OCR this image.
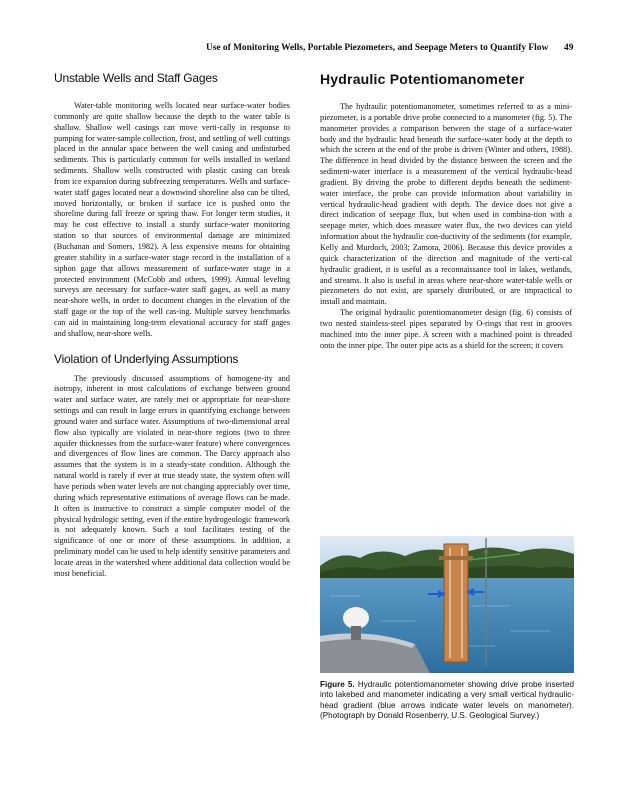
Use of Monitoring Wells, Portable Piezometers, and Seepage Meters to Quantify Flow 49
Unstable Wells and Staff Gages

Water-table monitoring wells located near surface-water bodies commonly are quite shallow because the depth to the water table is shallow. Shallow well casings can move verti-cally in response to pumping for water-sample collection, frost, and settling of well cuttings placed in the annular space between the well casing and undisturbed sediments. This is particularly common for wells installed in wetland sediments. Shallow wells constructed with plastic casing can break from ice expansion during subfreezing temperatures. Wells and surface-water staff gages located near a downwind shoreline also can be tilted, moved horizontally, or broken if surface ice is pushed onto the shoreline during fall freeze or spring thaw. For longer term studies, it may be cost effective to install a sturdy surface-water monitoring station so that sources of environmental damage are minimized (Buchanan and Somers, 1982). A less expensive means for obtaining greater stability in a surface-water stage record is the installation of a siphon gage that allows measurement of surface-water stage in a protected environment (McCobb and others, 1999). Annual leveling surveys are necessary for surface-water staff gages, as well as many near-shore wells, in order to document changes in the elevation of the staff gage or the top of the well cas-ing. Multiple survey benchmarks can aid in maintaining long-term elevational accuracy for staff gages and shallow, near-shore wells.

Violation of Underlying Assumptions

The previously discussed assumptions of homogene-ity and isotropy, inherent in most calculations of exchange between ground water and surface water, are rarely met or appropriate for near-shore settings and can result in large errors in quantifying exchange between ground water and surface water. Assumptions of two-dimensional areal flow also typically are violated in near-shore regions (two to three aquifer thicknesses from the surface-water feature) where convergences and divergences of flow lines are common. The Darcy approach also assumes that the system is in a steady-state condition. Although the natural world is rarely if ever at true steady state, the system often will have periods when water levels are not changing appreciably over time, during which representative estimations of average flows can be made. It often is instructive to construct a simple computer model of the physical hydrologic setting, even if the entire hydrogeologic framework is not adequately known. Such a tool facilitates testing of the significance of one or more of these assumptions. In addition, a preliminary model can be used to help identify sensitive parameters and locate areas in the watershed where additional data collection would be most beneficial.

Hydraulic Potentiomanometer

The hydraulic potentiomanometer, sometimes referred to as a mini-piezometer, is a portable drive probe connected to a manometer (fig. 5). The manometer provides a comparison between the stage of a surface-water body and the hydraulic head beneath the surface-water body at the depth to which the screen at the end of the probe is driven (Winter and others, 1988). The difference in head divided by the distance between the screen and the sediment-water interface is a measurement of the vertical hydraulic-head gradient. By driving the probe to different depths beneath the sediment-water interface, the probe can provide information about variability in vertical hydraulic-head gradient with depth. The device does not give a direct indication of seepage flux, but when used in combina-tion with a seepage meter, which does measure water flux, the two devices can yield information about the hydraulic con-ductivity of the sediments (for example, Kelly and Murdoch, 2003; Zamora, 2006). Because this device provides a quick characterization of the direction and magnitude of the verti-cal hydraulic gradient, it is useful as a reconnaissance tool in lakes, wetlands, and streams. It also is useful in areas where near-shore water-table wells or piezometers do not exist, are sparsely distributed, or are impractical to install and maintain.

The original hydraulic potentiomanometer design (fig. 6) consists of two nested stainless-steel pipes separated by O-rings that rest in grooves machined into the inner pipe. A screen with a machined point is threaded onto the inner pipe. The outer pipe acts as a shield for the screen; it covers

Figure 5. Hydraulic potentiomanometer showing drive probe inserted into lakebed and manometer indicating a very small vertical hydraulic-head gradient (blue arrows indicate water levels on manometer). (Photograph by Donald Rosenberry, U.S. Geological Survey.)
